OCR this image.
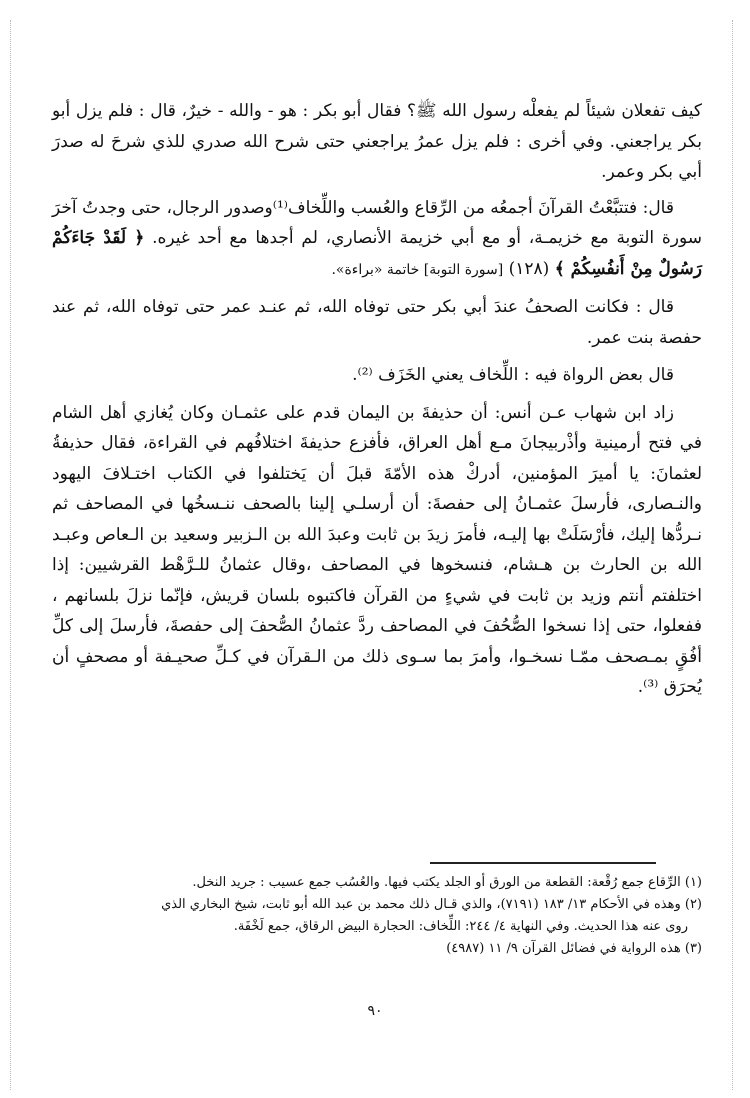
كيف تفعلان شيئاً لم يفعلْه رسول الله ﷺ؟ فقال أبو بكر : هو - والله - خيرٌ، قال : فلم يزل أبو بكر يراجعني. وفي أخرى : فلم يزل عمرُ يراجعني حتى شرح الله صدري للذي شرحَ له صدرَ أبي بكر وعمر.

قال: فتتبَّعْتُ القرآنَ أجمعُه من الرِّقاع والعُسب واللِّخاف⁽¹⁾وصدور الرجال، حتى وجدتُ آخرَ سورة التوبة مع خزيمـة، أو مع أبي خزيمة الأنصاري، لم أجدها مع أحد غيره. ﴿ لَقَدْ جَاءَكُمْ رَسُولٌ مِنْ أَنفُسِكُمْ ﴾ (١٢٨) [سورة التوبة] خاتمة «براءة».

قال : فكانت الصحفُ عندَ أبي بكر حتى توفاه الله، ثم عنـد عمر حتى توفاه الله، ثم عند حفصة بنت عمر.

قال بعض الرواة فيه : اللِّخاف يعني الخَزَف ⁽²⁾.

زاد ابن شهاب عـن أنس: أن حذيفةَ بن اليمان قدم على عثمـان وكان يُغازي أهل الشام في فتح أرمينية وأذْربيجانَ مـع أهل العراق، فأفزع حذيفةَ اختلافُهم في القراءة، فقال حذيفةُ لعثمانَ: يا أميرَ المؤمنين، أدركْ هذه الأمّةَ قبلَ أن يَختلفوا في الكتاب اختـلافَ اليهود والنـصارى، فأرسلَ عثمـانُ إلى حفصةَ: أن أرسلـي إلينا بالصحف ننـسخُها في المصاحف ثم نـردُّها إليك، فأرْسَلَتْ بها إليـه، فأمرَ زيدَ بن ثابت وعبدَ الله بن الـزبير وسعيد بن الـعاص وعبـد الله بن الحارث بن هـشام، فنسخوها في المصاحف ،وقال عثمانُ للـرَّهْط القرشيين: إذا اختلفتم أنتم وزيد بن ثابت في شيءٍ من القرآن فاكتبوه بلسان قريش، فإنّما نزلَ بلسانهم ، ففعلوا، حتى إذا نسخوا الصُّحُفَ في المصاحف ردَّ عثمانُ الصُّحفَ إلى حفصةَ، فأرسلَ إلى كلِّ أفُقٍ بمـصحف ممّـا نسخـوا، وأمرَ بما سـوى ذلك من الـقرآن في كـلِّ صحيـفة أو مصحفٍ أن يُحرَق ⁽³⁾.

(١) الرِّقاع جمع رُقْعة: القطعة من الورق أو الجلد يكتب فيها. والعُسُب جمع عسيب : جريد النخل.

(٢) وهذه في الأحكام ١٣/ ١٨٣ (٧١٩١)، والذي قـال ذلك محمد بن عبد الله أبو ثابت، شيخ البخاري الذي

روى عنه هذا الحديث. وفي النهاية ٤/ ٢٤٤: اللِّخاف: الحجارة البيض الرقاق، جمع لَخْفَة.

(٣) هذه الرواية في فضائل القرآن ٩/ ١١ (٤٩٨٧)

٩٠
